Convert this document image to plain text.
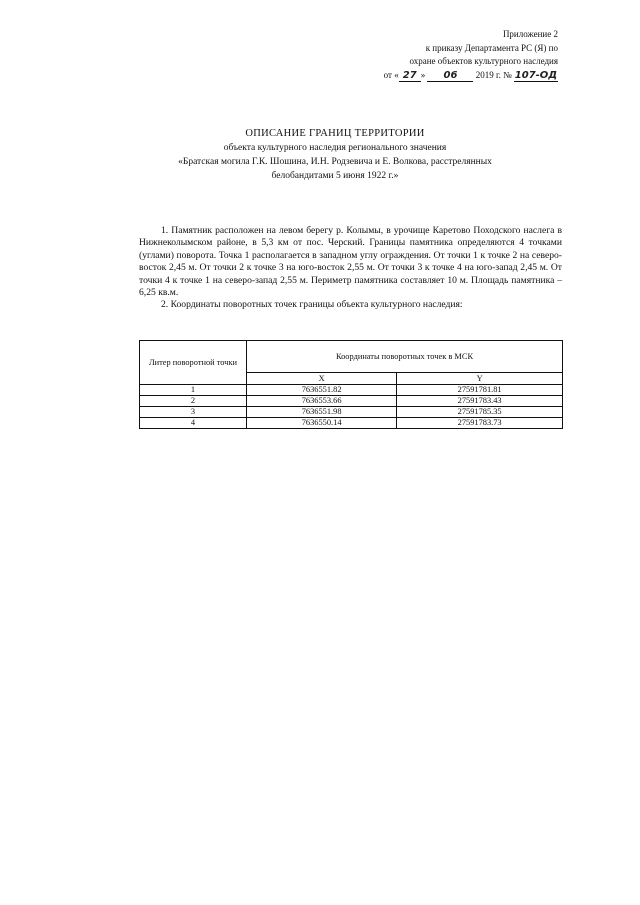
Приложение 2
к приказу Департамента РС (Я) по
охране объектов культурного наследия
от « 27 » 06 2019 г. № 107-ОД
ОПИСАНИЕ ГРАНИЦ ТЕРРИТОРИИ
объекта культурного наследия регионального значения
«Братская могила Г.К. Шошина, И.Н. Родзевича и Е. Волкова, расстрелянных
белобандитами 5 июня 1922 г.»

1. Памятник расположен на левом берегу р. Колымы, в урочище Каретово Походского наслега в Нижнеколымском районе, в 5,3 км от пос. Черский. Границы памятника определяются 4 точками (углами) поворота. Точка 1 располагается в западном углу ограждения. От точки 1 к точке 2 на северо-восток 2,45 м. От точки 2 к точке 3 на юго-восток 2,55 м. От точки 3 к точке 4 на юго-запад 2,45 м. От точки 4 к точке 1 на северо-запад 2,55 м. Периметр памятника составляет 10 м. Площадь памятника – 6,25 кв.м.

2. Координаты поворотных точек границы объекта культурного наследия:

Литер поворотной точки	Координаты поворотных точек в МСК	
	X	Y
1	7636551.82	27591781.81
2	7636553.66	27591783.43
3	7636551.98	27591785.35
4	7636550.14	27591783.73
